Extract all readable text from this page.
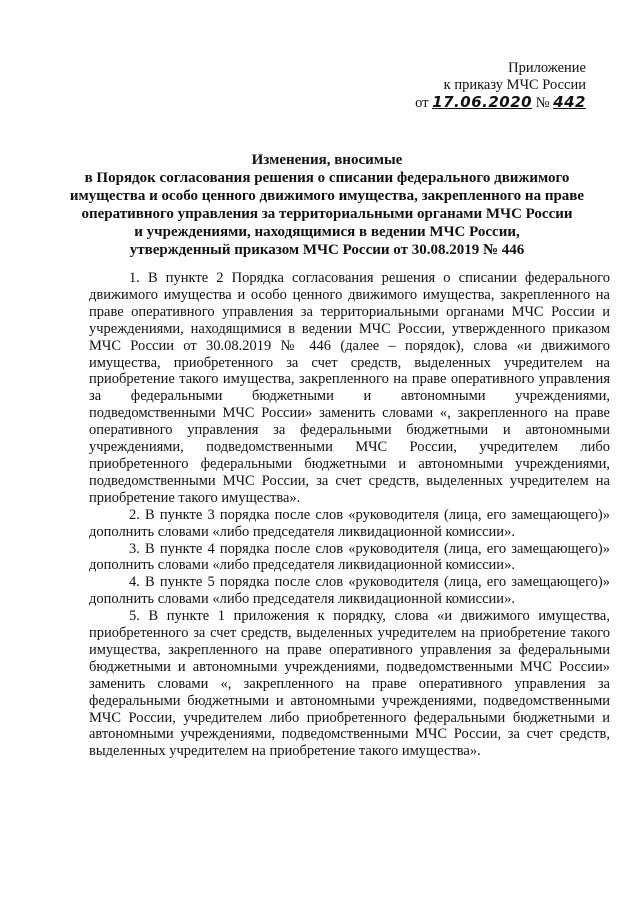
Приложение
к приказу МЧС России
от 17.06.2020 № 442
Изменения, вносимые
в Порядок согласования решения о списании федерального движимого
имущества и особо ценного движимого имущества, закрепленного на праве
оперативного управления за территориальными органами МЧС России
и учреждениями, находящимися в ведении МЧС России,
утвержденный приказом МЧС России от 30.08.2019 № 446

1. В пункте 2 Порядка согласования решения о списании федерального движимого имущества и особо ценного движимого имущества, закрепленного на праве оперативного управления за территориальными органами МЧС России и учреждениями, находящимися в ведении МЧС России, утвержденного приказом МЧС России от 30.08.2019 № 446 (далее – порядок), слова «и движимого имущества, приобретенного за счет средств, выделенных учредителем на приобретение такого имущества, закрепленного на праве оперативного управления за федеральными бюджетными и автономными учреждениями, подведомственными МЧС России» заменить словами «, закрепленного на праве оперативного управления за федеральными бюджетными и автономными учреждениями, подведомственными МЧС России, учредителем либо приобретенного федеральными бюджетными и автономными учреждениями, подведомственными МЧС России, за счет средств, выделенных учредителем на приобретение такого имущества».

2. В пункте 3 порядка после слов «руководителя (лица, его замещающего)» дополнить словами «либо председателя ликвидационной комиссии».

3. В пункте 4 порядка после слов «руководителя (лица, его замещающего)» дополнить словами «либо председателя ликвидационной комиссии».

4. В пункте 5 порядка после слов «руководителя (лица, его замещающего)» дополнить словами «либо председателя ликвидационной комиссии».

5. В пункте 1 приложения к порядку, слова «и движимого имущества, приобретенного за счет средств, выделенных учредителем на приобретение такого имущества, закрепленного на праве оперативного управления за федеральными бюджетными и автономными учреждениями, подведомственными МЧС России» заменить словами «, закрепленного на праве оперативного управления за федеральными бюджетными и автономными учреждениями, подведомственными МЧС России, учредителем либо приобретенного федеральными бюджетными и автономными учреждениями, подведомственными МЧС России, за счет средств, выделенных учредителем на приобретение такого имущества».
